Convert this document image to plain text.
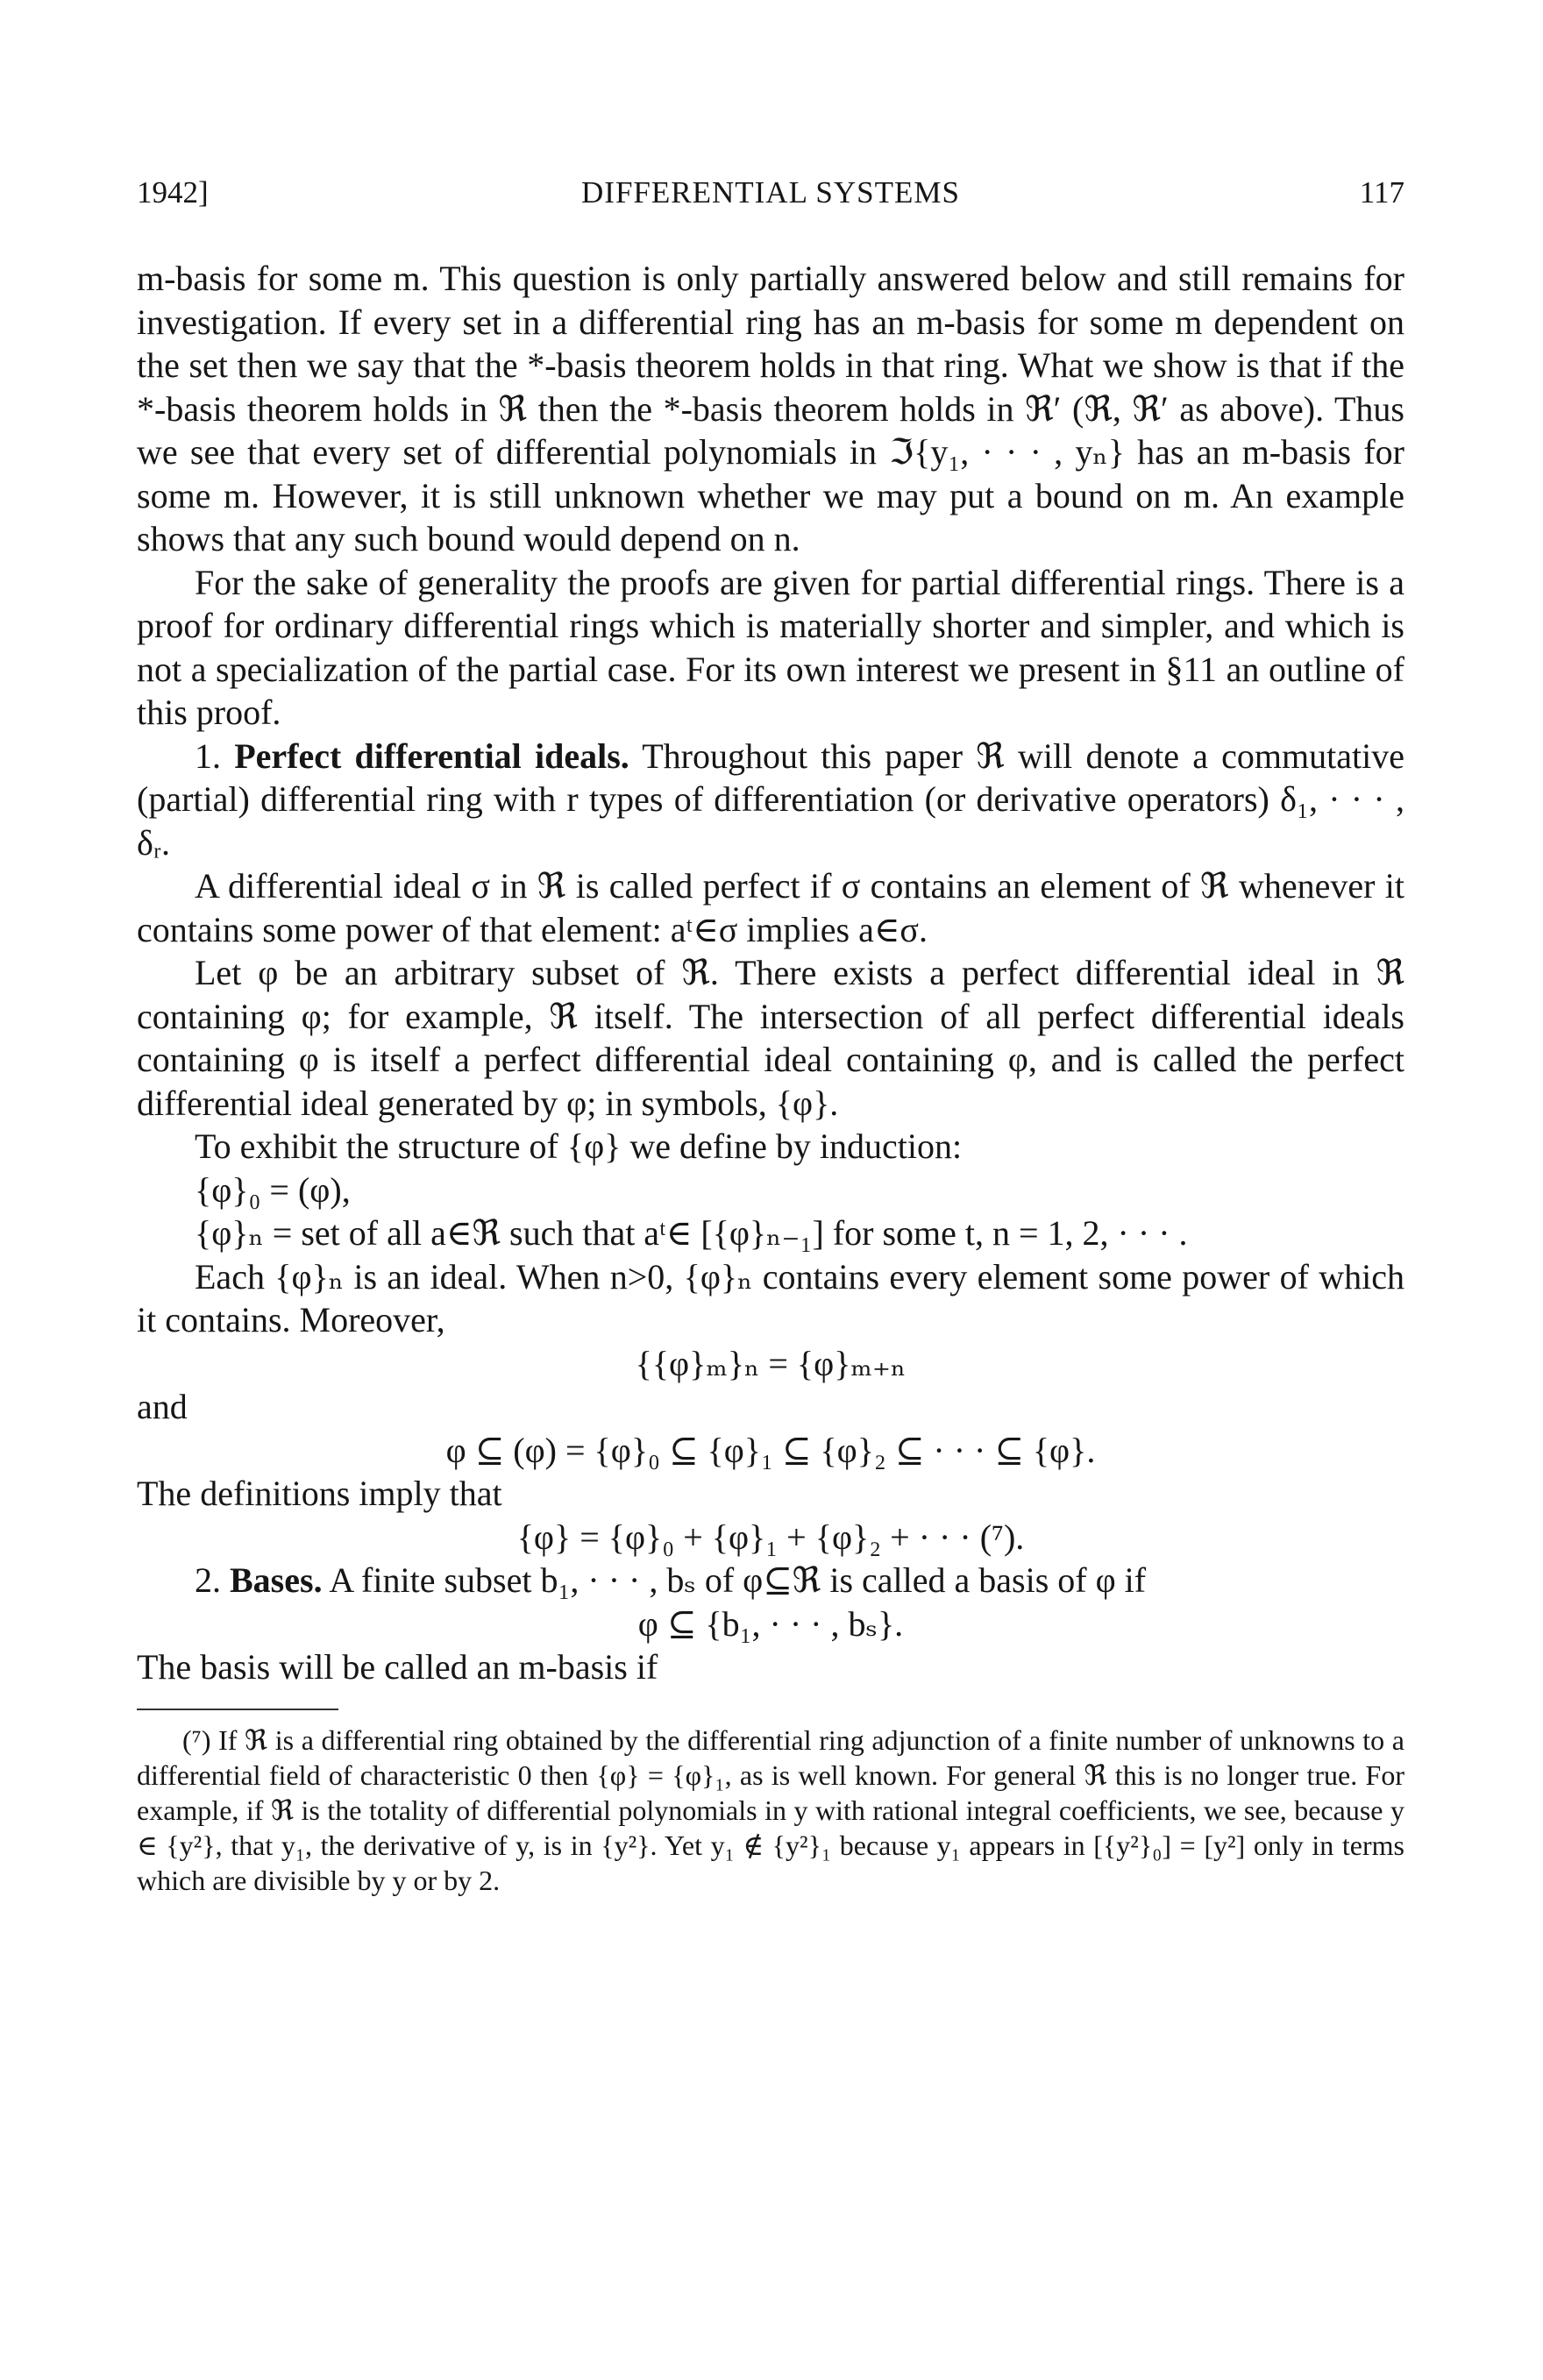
1942]	DIFFERENTIAL SYSTEMS	117

m-basis for some m. This question is only partially answered below and still remains for investigation. If every set in a differential ring has an m-basis for some m dependent on the set then we say that the *-basis theorem holds in that ring. What we show is that if the *-basis theorem holds in ℜ then the *-basis theorem holds in ℜ′ (ℜ, ℜ′ as above). Thus we see that every set of differential polynomials in ℑ{y₁, · · · , yₙ} has an m-basis for some m. However, it is still unknown whether we may put a bound on m. An example shows that any such bound would depend on n.

For the sake of generality the proofs are given for partial differential rings. There is a proof for ordinary differential rings which is materially shorter and simpler, and which is not a specialization of the partial case. For its own interest we present in §11 an outline of this proof.

1. Perfect differential ideals. Throughout this paper ℜ will denote a commutative (partial) differential ring with r types of differentiation (or derivative operators) δ₁, · · · , δᵣ.

A differential ideal σ in ℜ is called perfect if σ contains an element of ℜ whenever it contains some power of that element: aᵗ∈σ implies a∈σ.

Let φ be an arbitrary subset of ℜ. There exists a perfect differential ideal in ℜ containing φ; for example, ℜ itself. The intersection of all perfect differential ideals containing φ is itself a perfect differential ideal containing φ, and is called the perfect differential ideal generated by φ; in symbols, {φ}.

To exhibit the structure of {φ} we define by induction:

{φ}₀ = (φ),

{φ}ₙ = set of all a∈ℜ such that aᵗ∈ [{φ}ₙ₋₁] for some t, n = 1, 2, · · · .

Each {φ}ₙ is an ideal. When n>0, {φ}ₙ contains every element some power of which it contains. Moreover,

{{φ}ₘ}ₙ = {φ}ₘ₊ₙ

and

φ ⊆ (φ) = {φ}₀ ⊆ {φ}₁ ⊆ {φ}₂ ⊆ · · · ⊆ {φ}.

The definitions imply that

{φ} = {φ}₀ + {φ}₁ + {φ}₂ + · · · (⁷).

2. Bases. A finite subset b₁, · · · , bₛ of φ⊆ℜ is called a basis of φ if

φ ⊆ {b₁, · · · , bₛ}.

The basis will be called an m-basis if

(⁷) If ℜ is a differential ring obtained by the differential ring adjunction of a finite number of unknowns to a differential field of characteristic 0 then {φ} = {φ}₁, as is well known. For general ℜ this is no longer true. For example, if ℜ is the totality of differential polynomials in y with rational integral coefficients, we see, because y ∈ {y²}, that y₁, the derivative of y, is in {y²}. Yet y₁ ∉ {y²}₁ because y₁ appears in [{y²}₀] = [y²] only in terms which are divisible by y or by 2.
